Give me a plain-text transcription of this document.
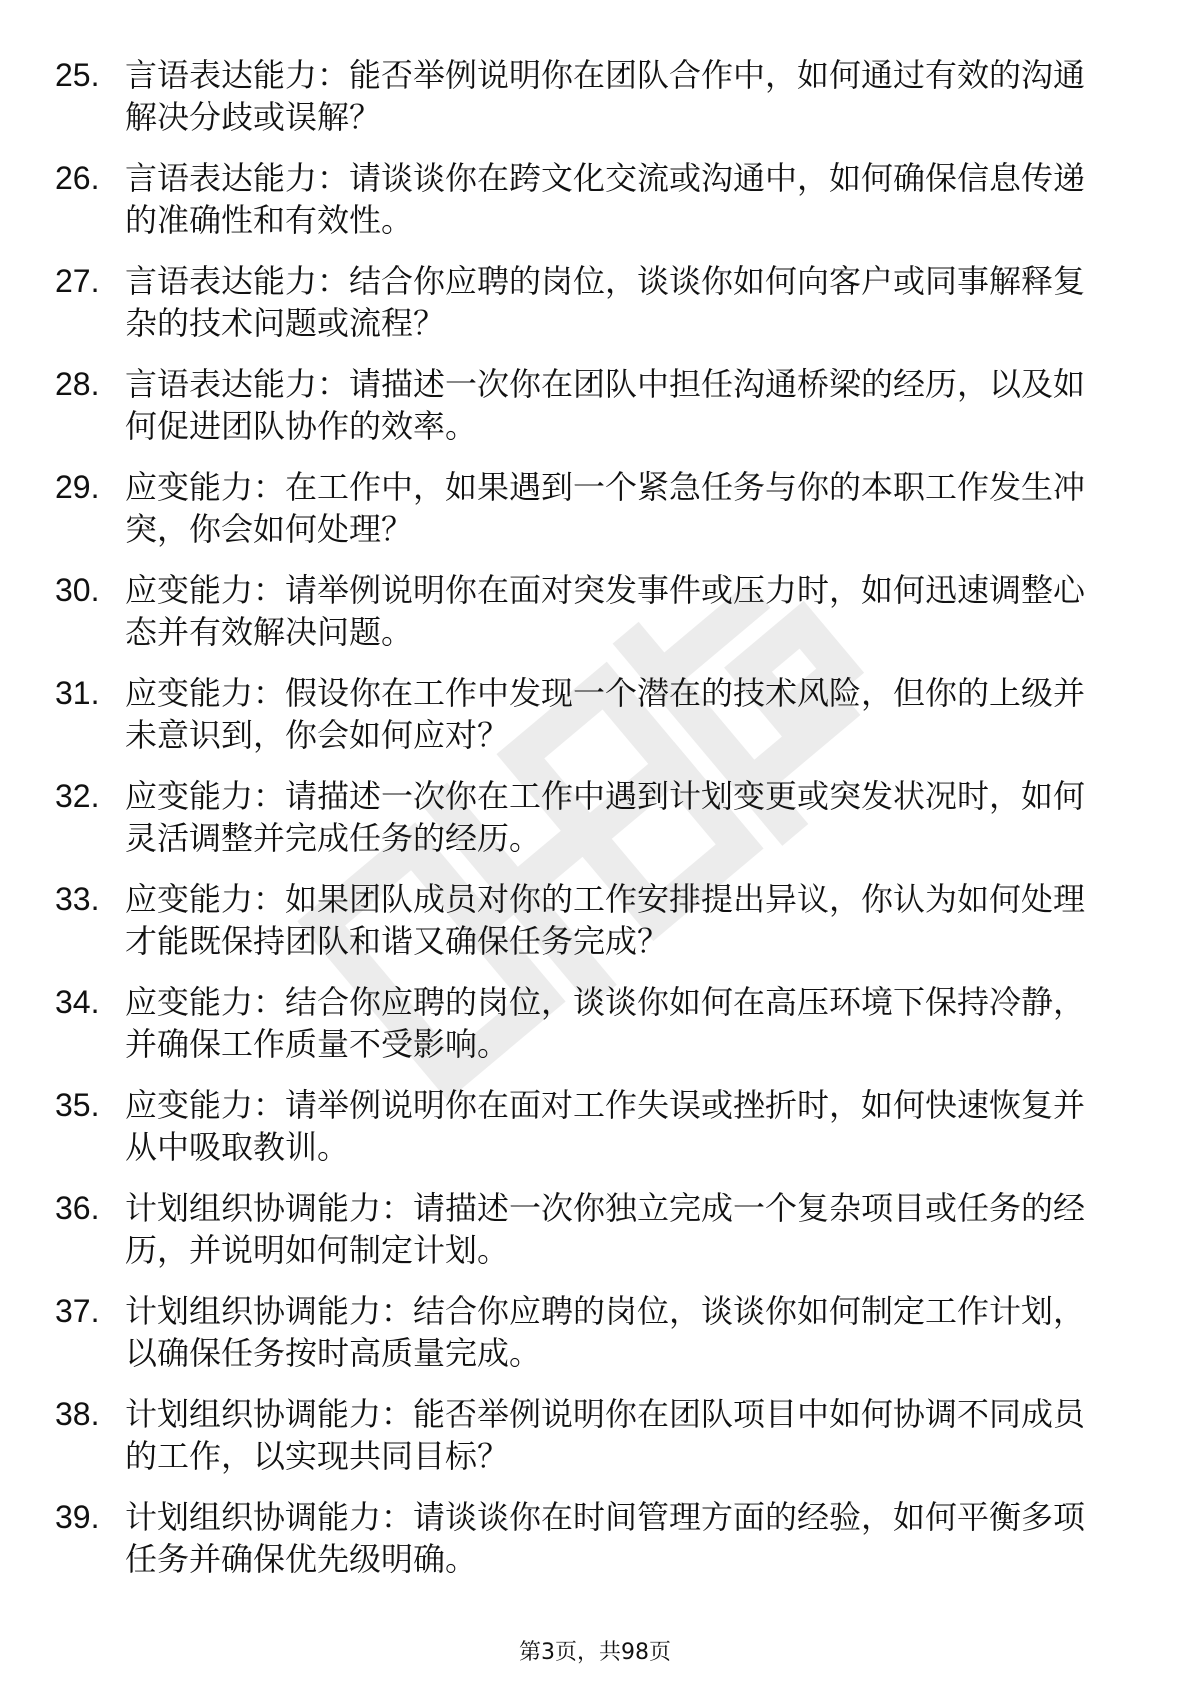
25. 言语表达能力：能否举例说明你在团队合作中，如何通过有效的沟通解决分歧或误解？
26. 言语表达能力：请谈谈你在跨文化交流或沟通中，如何确保信息传递的准确性和有效性。
27. 言语表达能力：结合你应聘的岗位，谈谈你如何向客户或同事解释复杂的技术问题或流程？
28. 言语表达能力：请描述一次你在团队中担任沟通桥梁的经历，以及如何促进团队协作的效率。
29. 应变能力：在工作中，如果遇到一个紧急任务与你的本职工作发生冲突，你会如何处理？
30. 应变能力：请举例说明你在面对突发事件或压力时，如何迅速调整心态并有效解决问题。
31. 应变能力：假设你在工作中发现一个潜在的技术风险，但你的上级并未意识到，你会如何应对？
32. 应变能力：请描述一次你在工作中遇到计划变更或突发状况时，如何灵活调整并完成任务的经历。
33. 应变能力：如果团队成员对你的工作安排提出异议，你认为如何处理才能既保持团队和谐又确保任务完成？
34. 应变能力：结合你应聘的岗位，谈谈你如何在高压环境下保持冷静，并确保工作质量不受影响。
35. 应变能力：请举例说明你在面对工作失误或挫折时，如何快速恢复并从中吸取教训。
36. 计划组织协调能力：请描述一次你独立完成一个复杂项目或任务的经历，并说明如何制定计划。
37. 计划组织协调能力：结合你应聘的岗位，谈谈你如何制定工作计划，以确保任务按时高质量完成。
38. 计划组织协调能力：能否举例说明你在团队项目中如何协调不同成员的工作，以实现共同目标？
39. 计划组织协调能力：请谈谈你在时间管理方面的经验，如何平衡多项任务并确保优先级明确。
第3页，共98页
